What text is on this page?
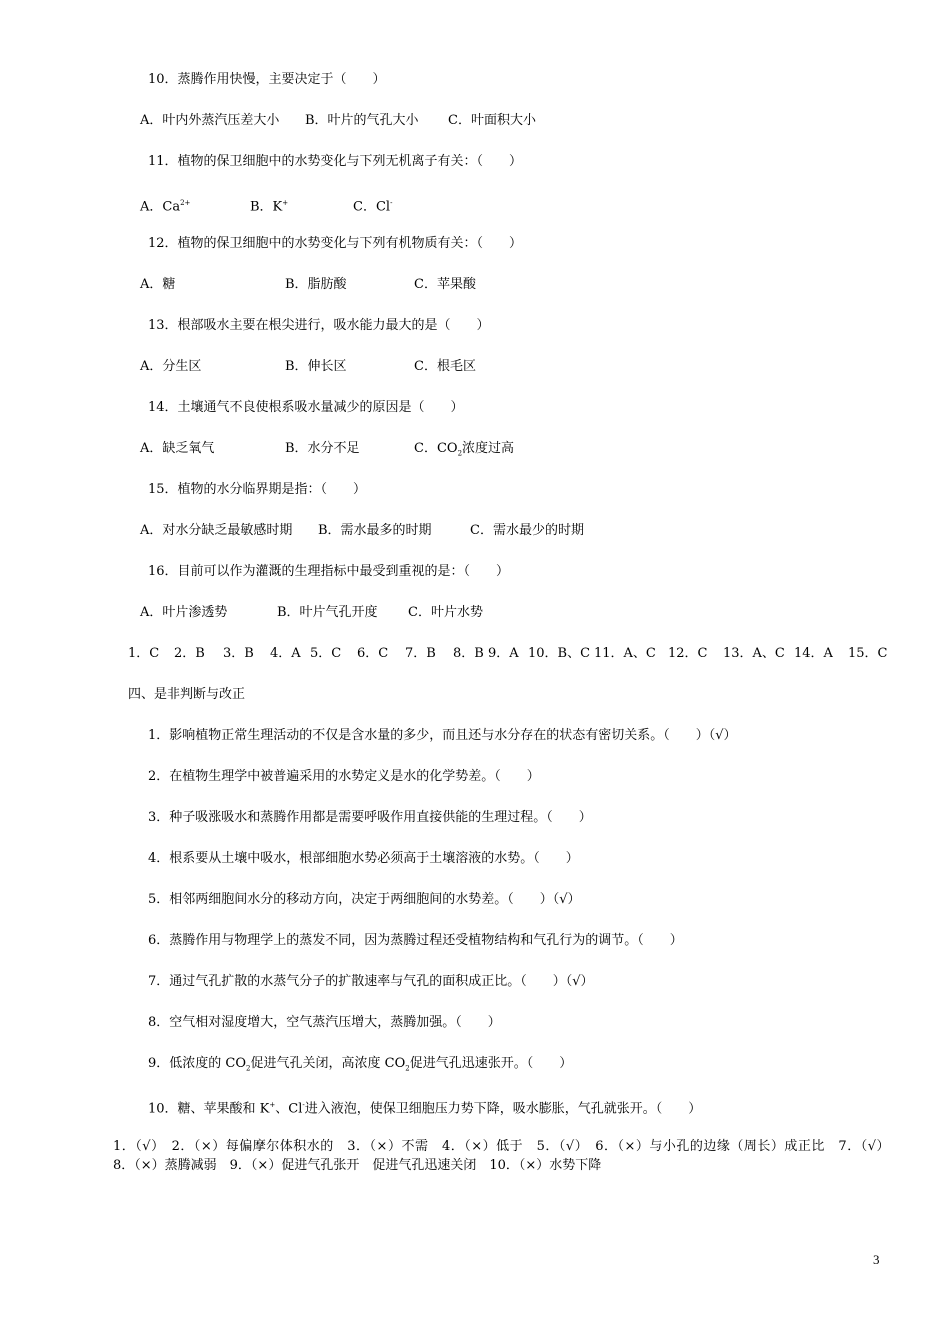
10．蒸腾作用快慢，主要决定于（　　）
A．叶内外蒸汽压差大小 B．叶片的气孔大小 C．叶面积大小
11．植物的保卫细胞中的水势变化与下列无机离子有关：（　　）
A．$Ca^{2+}$	B．K+	C．Cl-
12．植物的保卫细胞中的水势变化与下列有机物质有关：（　　）
A．糖	B．脂肪酸	C．苹果酸
13．根部吸水主要在根尖进行，吸水能力最大的是（　　）
A．分生区	B．伸长区	C．根毛区
14．土壤通气不良使根系吸水量减少的原因是（　　）
A．缺乏氧气	B．水分不足	C．$CO_2$浓度过高
15．植物的水分临界期是指：（　　）
A．对水分缺乏最敏感时期 B．需水最多的时期	C．需水最少的时期
16．目前可以作为灌溉的生理指标中最受到重视的是：（　　）
A．叶片渗透势	B．叶片气孔开度 C．叶片水势
1．C 2．B 3．B 4．A 5．C 6．C 7．B 8．B 9．A 10．B、C 11．A、C 12．C 13．A、C 14．A 15．C
四、是非判断与改正
1．影响植物正常生理活动的不仅是含水量的多少，而且还与水分存在的状态有密切关系。（　　）（√）
2．在植物生理学中被普遍采用的水势定义是水的化学势差。（　　）
3．种子吸涨吸水和蒸腾作用都是需要呼吸作用直接供能的生理过程。（　　）
4．根系要从土壤中吸水，根部细胞水势必须高于土壤溶液的水势。（　　）
5．相邻两细胞间水分的移动方向，决定于两细胞间的水势差。（　　）（√）
6．蒸腾作用与物理学上的蒸发不同，因为蒸腾过程还受植物结构和气孔行为的调节。（　　）
7．通过气孔扩散的水蒸气分子的扩散速率与气孔的面积成正比。（　　）（√）
8．空气相对湿度增大，空气蒸汽压增大，蒸腾加强。（　　）
9．低浓度的 $CO_2$促进气孔关闭，高浓度 $CO_2$促进气孔迅速张开。（　　）
10．糖、苹果酸和 K+、Cl-进入液泡，使保卫细胞压力势下降，吸水膨胀，气孔就张开。（　　）
1．（√）　2．（×）每偏摩尔体积水的　3．（×）不需　4．（×）低于　5．（√）　6．（×）与小孔的边缘（周长）成正比　7．（√）　8．（×）蒸腾减弱　9．（×）促进气孔张开　促进气孔迅速关闭　10．（×）水势下降
3
